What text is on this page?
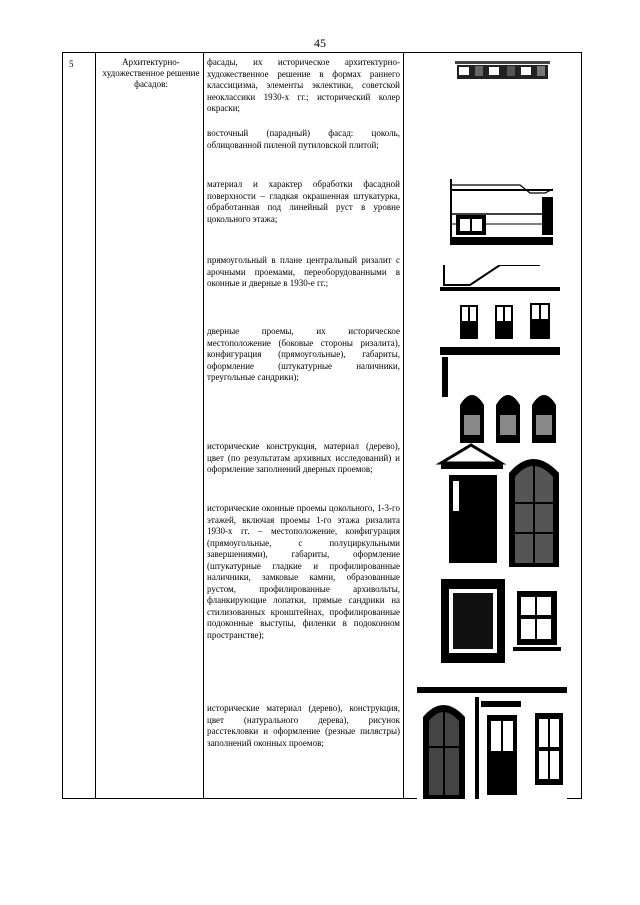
45
5	Архитектурно-художественное решение фасадов:
фасады, их историческое архитектурно-художественное решение в формах раннего классицизма, элементы эклектики, советской неоклассики 1930-х гг.; исторический колер окраски;
восточный (парадный) фасад: цоколь, облицованной пиленой путиловской плитой;
материал и характер обработки фасадной поверхности – гладкая окрашенная штукатурка, обработанная под линейный руст в уровне цокольного этажа;
прямоугольный в плане центральный ризалит с арочными проемами, переоборудованными в оконные и дверные в 1930-е гг.;
дверные проемы, их историческое местоположение (боковые стороны ризалита), конфигурация (прямоугольные), габариты, оформление (штукатурные наличники, треугольные сандрики);
исторические конструкция, материал (дерево), цвет (по результатам архивных исследований) и оформление заполнений дверных проемов;
исторические оконные проемы цокольного, 1-3-го этажей, включая проемы 1-го этажа ризалита 1930-х гг. – местоположение, конфигурация (прямоугольные, с полуциркульными завершениями), габариты, оформление (штукатурные гладкие и профилированные наличники, замковые камни, образованные рустом, профилированные архивольты, фланкирующие лопатки, прямые сандрики на стилизованных кронштейнах, профилированные подоконные выступы, филенки в подоконном пространстве);
исторические материал (дерево), конструкция, цвет (натурального дерева), рисунок расстекловки и оформление (резные пилястры) заполнений оконных проемов;
